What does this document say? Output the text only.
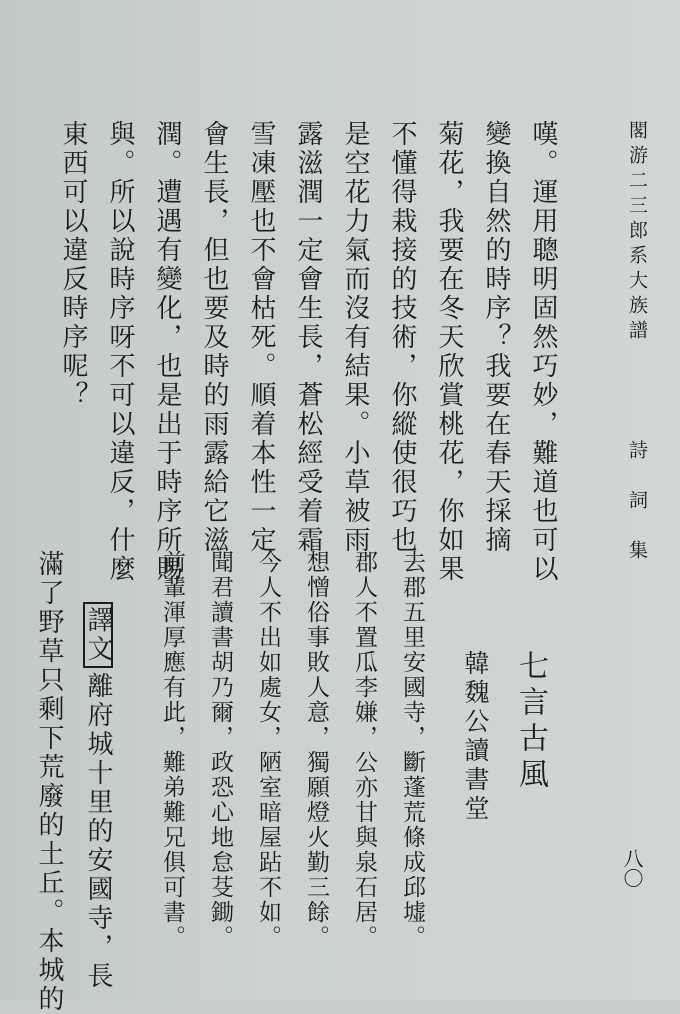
閣游二三郎系大族譜
詩　詞　集
八〇
嘆。運用聰明固然巧妙，難道也可以
變換自然的時序？我要在春天採摘
菊花，我要在冬天欣賞桃花，你如果
不懂得栽接的技術，你縱使很巧也
是空花力氣而沒有結果。小草被雨
露滋潤一定會生長，蒼松經受着霜
雪凍壓也不會枯死。順着本性一定
會生長，但也要及時的雨露給它滋
潤。遭遇有變化，也是出于時序所賜
與。所以說時序呀不可以違反，什麼
東西可以違反時序呢？
七言古風
韓魏公讀書堂
去郡五里安國寺，斷蓬荒條成邱墟。
郡人不置瓜李嫌，公亦甘與泉石居。
想憎俗事敗人意，獨願燈火勤三餘。
今人不出如處女，陋室暗屋跕不如。
聞君讀書胡乃爾，政恐心地怠芟鋤。
前輩渾厚應有此，難弟難兄俱可書。
譯文離府城十里的安國寺，長
滿了野草只剩下荒廢的土丘。本城的
